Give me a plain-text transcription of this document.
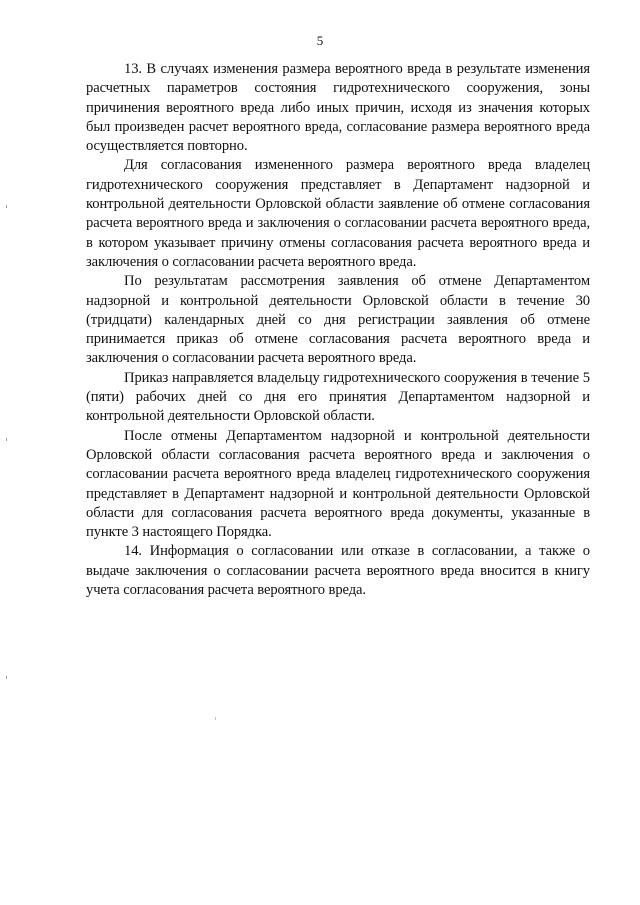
5

13. В случаях изменения размера вероятного вреда в результате изменения расчетных параметров состояния гидротехнического сооружения, зоны причинения вероятного вреда либо иных причин, исходя из значения которых был произведен расчет вероятного вреда, согласование размера вероятного вреда осуществляется повторно.

Для согласования измененного размера вероятного вреда владелец гидротехнического сооружения представляет в Департамент надзорной и контрольной деятельности Орловской области заявление об отмене согласования расчета вероятного вреда и заключения о согласовании расчета вероятного вреда, в котором указывает причину отмены согласования расчета вероятного вреда и заключения о согласовании расчета вероятного вреда.

По результатам рассмотрения заявления об отмене Департаментом надзорной и контрольной деятельности Орловской области в течение 30 (тридцати) календарных дней со дня регистрации заявления об отмене принимается приказ об отмене согласования расчета вероятного вреда и заключения о согласовании расчета вероятного вреда.

Приказ направляется владельцу гидротехнического сооружения в течение 5 (пяти) рабочих дней со дня его принятия Департаментом надзорной и контрольной деятельности Орловской области.

После отмены Департаментом надзорной и контрольной деятельности Орловской области согласования расчета вероятного вреда и заключения о согласовании расчета вероятного вреда владелец гидротехнического сооружения представляет в Департамент надзорной и контрольной деятельности Орловской области для согласования расчета вероятного вреда документы, указанные в пункте 3 настоящего Порядка.

14. Информация о согласовании или отказе в согласовании, а также о выдаче заключения о согласовании расчета вероятного вреда вносится в книгу учета согласования расчета вероятного вреда.
